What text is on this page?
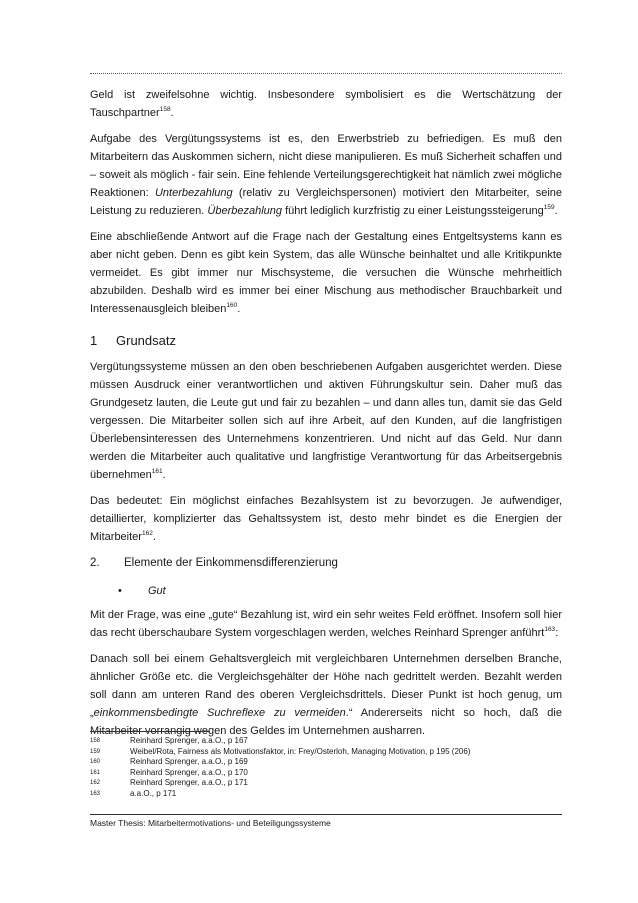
Geld ist zweifelsohne wichtig. Insbesondere symbolisiert es die Wertschätzung der Tauschpartner$^{158}$.

Aufgabe des Vergütungssystems ist es, den Erwerbstrieb zu befriedigen. Es muß den Mitarbeitern das Auskommen sichern, nicht diese manipulieren. Es muß Sicherheit schaffen und – soweit als möglich - fair sein. Eine fehlende Verteilungsgerechtigkeit hat nämlich zwei mögliche Reaktionen: Unterbezahlung (relativ zu Vergleichspersonen) motiviert den Mitarbeiter, seine Leistung zu reduzieren. Überbezahlung führt lediglich kurzfristig zu einer Leistungssteigerung$^{159}$.

Eine abschließende Antwort auf die Frage nach der Gestaltung eines Entgeltsystems kann es aber nicht geben. Denn es gibt kein System, das alle Wünsche beinhaltet und alle Kritikpunkte vermeidet. Es gibt immer nur Mischsysteme, die versuchen die Wünsche mehrheitlich abzubilden. Deshalb wird es immer bei einer Mischung aus methodischer Brauchbarkeit und Interessenausgleich bleiben$^{160}$.

1	Grundsatz

Vergütungssysteme müssen an den oben beschriebenen Aufgaben ausgerichtet werden. Diese müssen Ausdruck einer verantwortlichen und aktiven Führungskultur sein. Daher muß das Grundgesetz lauten, die Leute gut und fair zu bezahlen – und dann alles tun, damit sie das Geld vergessen. Die Mitarbeiter sollen sich auf ihre Arbeit, auf den Kunden, auf die langfristigen Überlebensinteressen des Unternehmens konzentrieren. Und nicht auf das Geld. Nur dann werden die Mitarbeiter auch qualitative und langfristige Verantwortung für das Arbeitsergebnis übernehmen$^{161}$.

Das bedeutet: Ein möglichst einfaches Bezahlsystem ist zu bevorzugen. Je aufwendiger, detaillierter, komplizierter das Gehaltssystem ist, desto mehr bindet es die Energien der Mitarbeiter$^{162}$.

2.	Elemente der Einkommensdifferenzierung
•	Gut

Mit der Frage, was eine „gute“ Bezahlung ist, wird ein sehr weites Feld eröffnet. Insofern soll hier das recht überschaubare System vorgeschlagen werden, welches Reinhard Sprenger anführt$^{163}$:

Danach soll bei einem Gehaltsvergleich mit vergleichbaren Unternehmen derselben Branche, ähnlicher Größe etc. die Vergleichsgehälter der Höhe nach gedrittelt werden. Bezahlt werden soll dann am unteren Rand des oberen Vergleichsdrittels. Dieser Punkt ist hoch genug, um „einkommensbedingte Suchreflexe zu vermeiden.“ Andererseits nicht so hoch, daß die Mitarbeiter vorrangig wegen des Geldes im Unternehmen ausharren.

158	Reinhard Sprenger, a.a.O., p 167
159	Weibel/Rota, Fairness als Motivationsfaktor, in: Frey/Osterloh, Managing Motivation, p 195 (206)
160	Reinhard Sprenger, a.a.O., p 169
161	Reinhard Sprenger, a.a.O., p 170
162	Reinhard Sprenger, a.a.O., p 171
163	a.a.O., p 171
Master Thesis: Mitarbeitermotivations- und Beteiligungssysteme
